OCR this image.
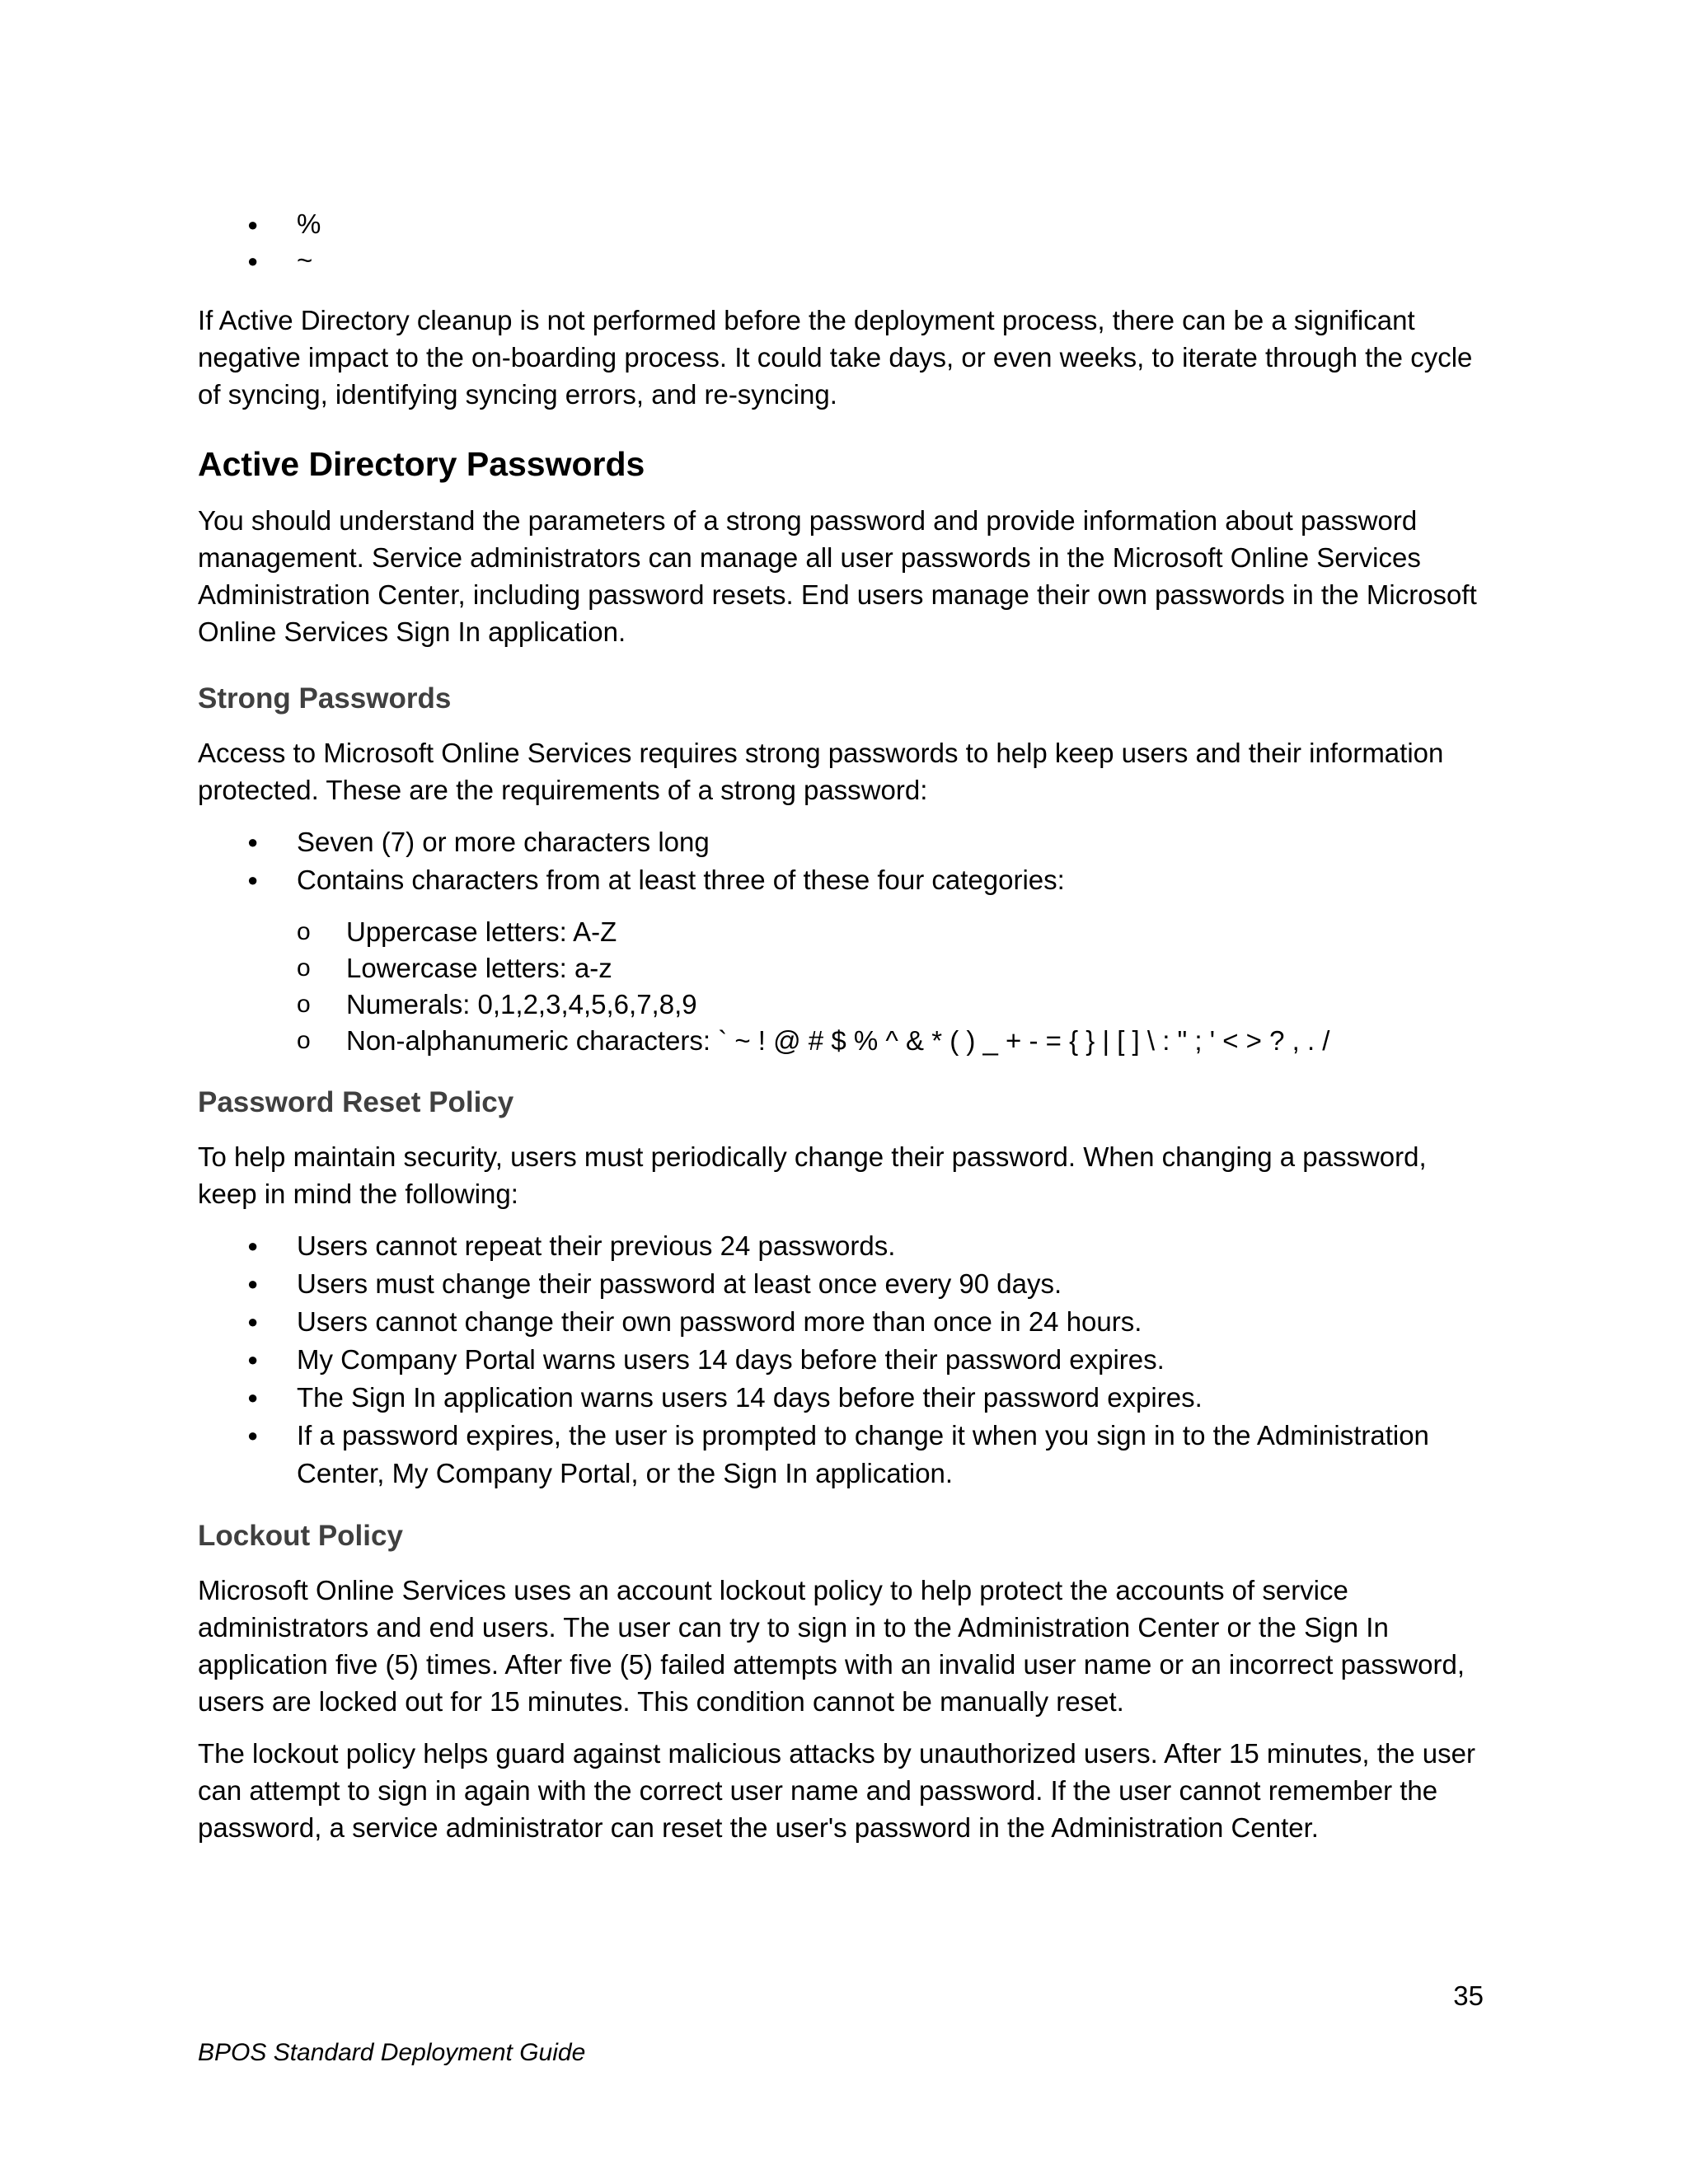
● %
● ~

If Active Directory cleanup is not performed before the deployment process, there can be a significant negative impact to the on-boarding process. It could take days, or even weeks, to iterate through the cycle of syncing, identifying syncing errors, and re-syncing.

Active Directory Passwords

You should understand the parameters of a strong password and provide information about password management. Service administrators can manage all user passwords in the Microsoft Online Services Administration Center, including password resets. End users manage their own passwords in the Microsoft Online Services Sign In application.

Strong Passwords

Access to Microsoft Online Services requires strong passwords to help keep users and their information protected. These are the requirements of a strong password:

● Seven (7) or more characters long
● Contains characters from at least three of these four categories:
o Uppercase letters: A-Z
o Lowercase letters: a-z
o Numerals: 0,1,2,3,4,5,6,7,8,9
o Non-alphanumeric characters: ` ~ ! @ # $ % ^ & * ( ) _ + - = { } | [ ] \ : " ; ' < > ? , . /
Password Reset Policy

To help maintain security, users must periodically change their password. When changing a password, keep in mind the following:

● Users cannot repeat their previous 24 passwords.
● Users must change their password at least once every 90 days.
● Users cannot change their own password more than once in 24 hours.
● My Company Portal warns users 14 days before their password expires.
● The Sign In application warns users 14 days before their password expires.
● If a password expires, the user is prompted to change it when you sign in to the Administration Center, My Company Portal, or the Sign In application.
Lockout Policy

Microsoft Online Services uses an account lockout policy to help protect the accounts of service administrators and end users. The user can try to sign in to the Administration Center or the Sign In application five (5) times. After five (5) failed attempts with an invalid user name or an incorrect password, users are locked out for 15 minutes. This condition cannot be manually reset.

The lockout policy helps guard against malicious attacks by unauthorized users. After 15 minutes, the user can attempt to sign in again with the correct user name and password. If the user cannot remember the password, a service administrator can reset the user's password in the Administration Center.

35
BPOS Standard Deployment Guide
